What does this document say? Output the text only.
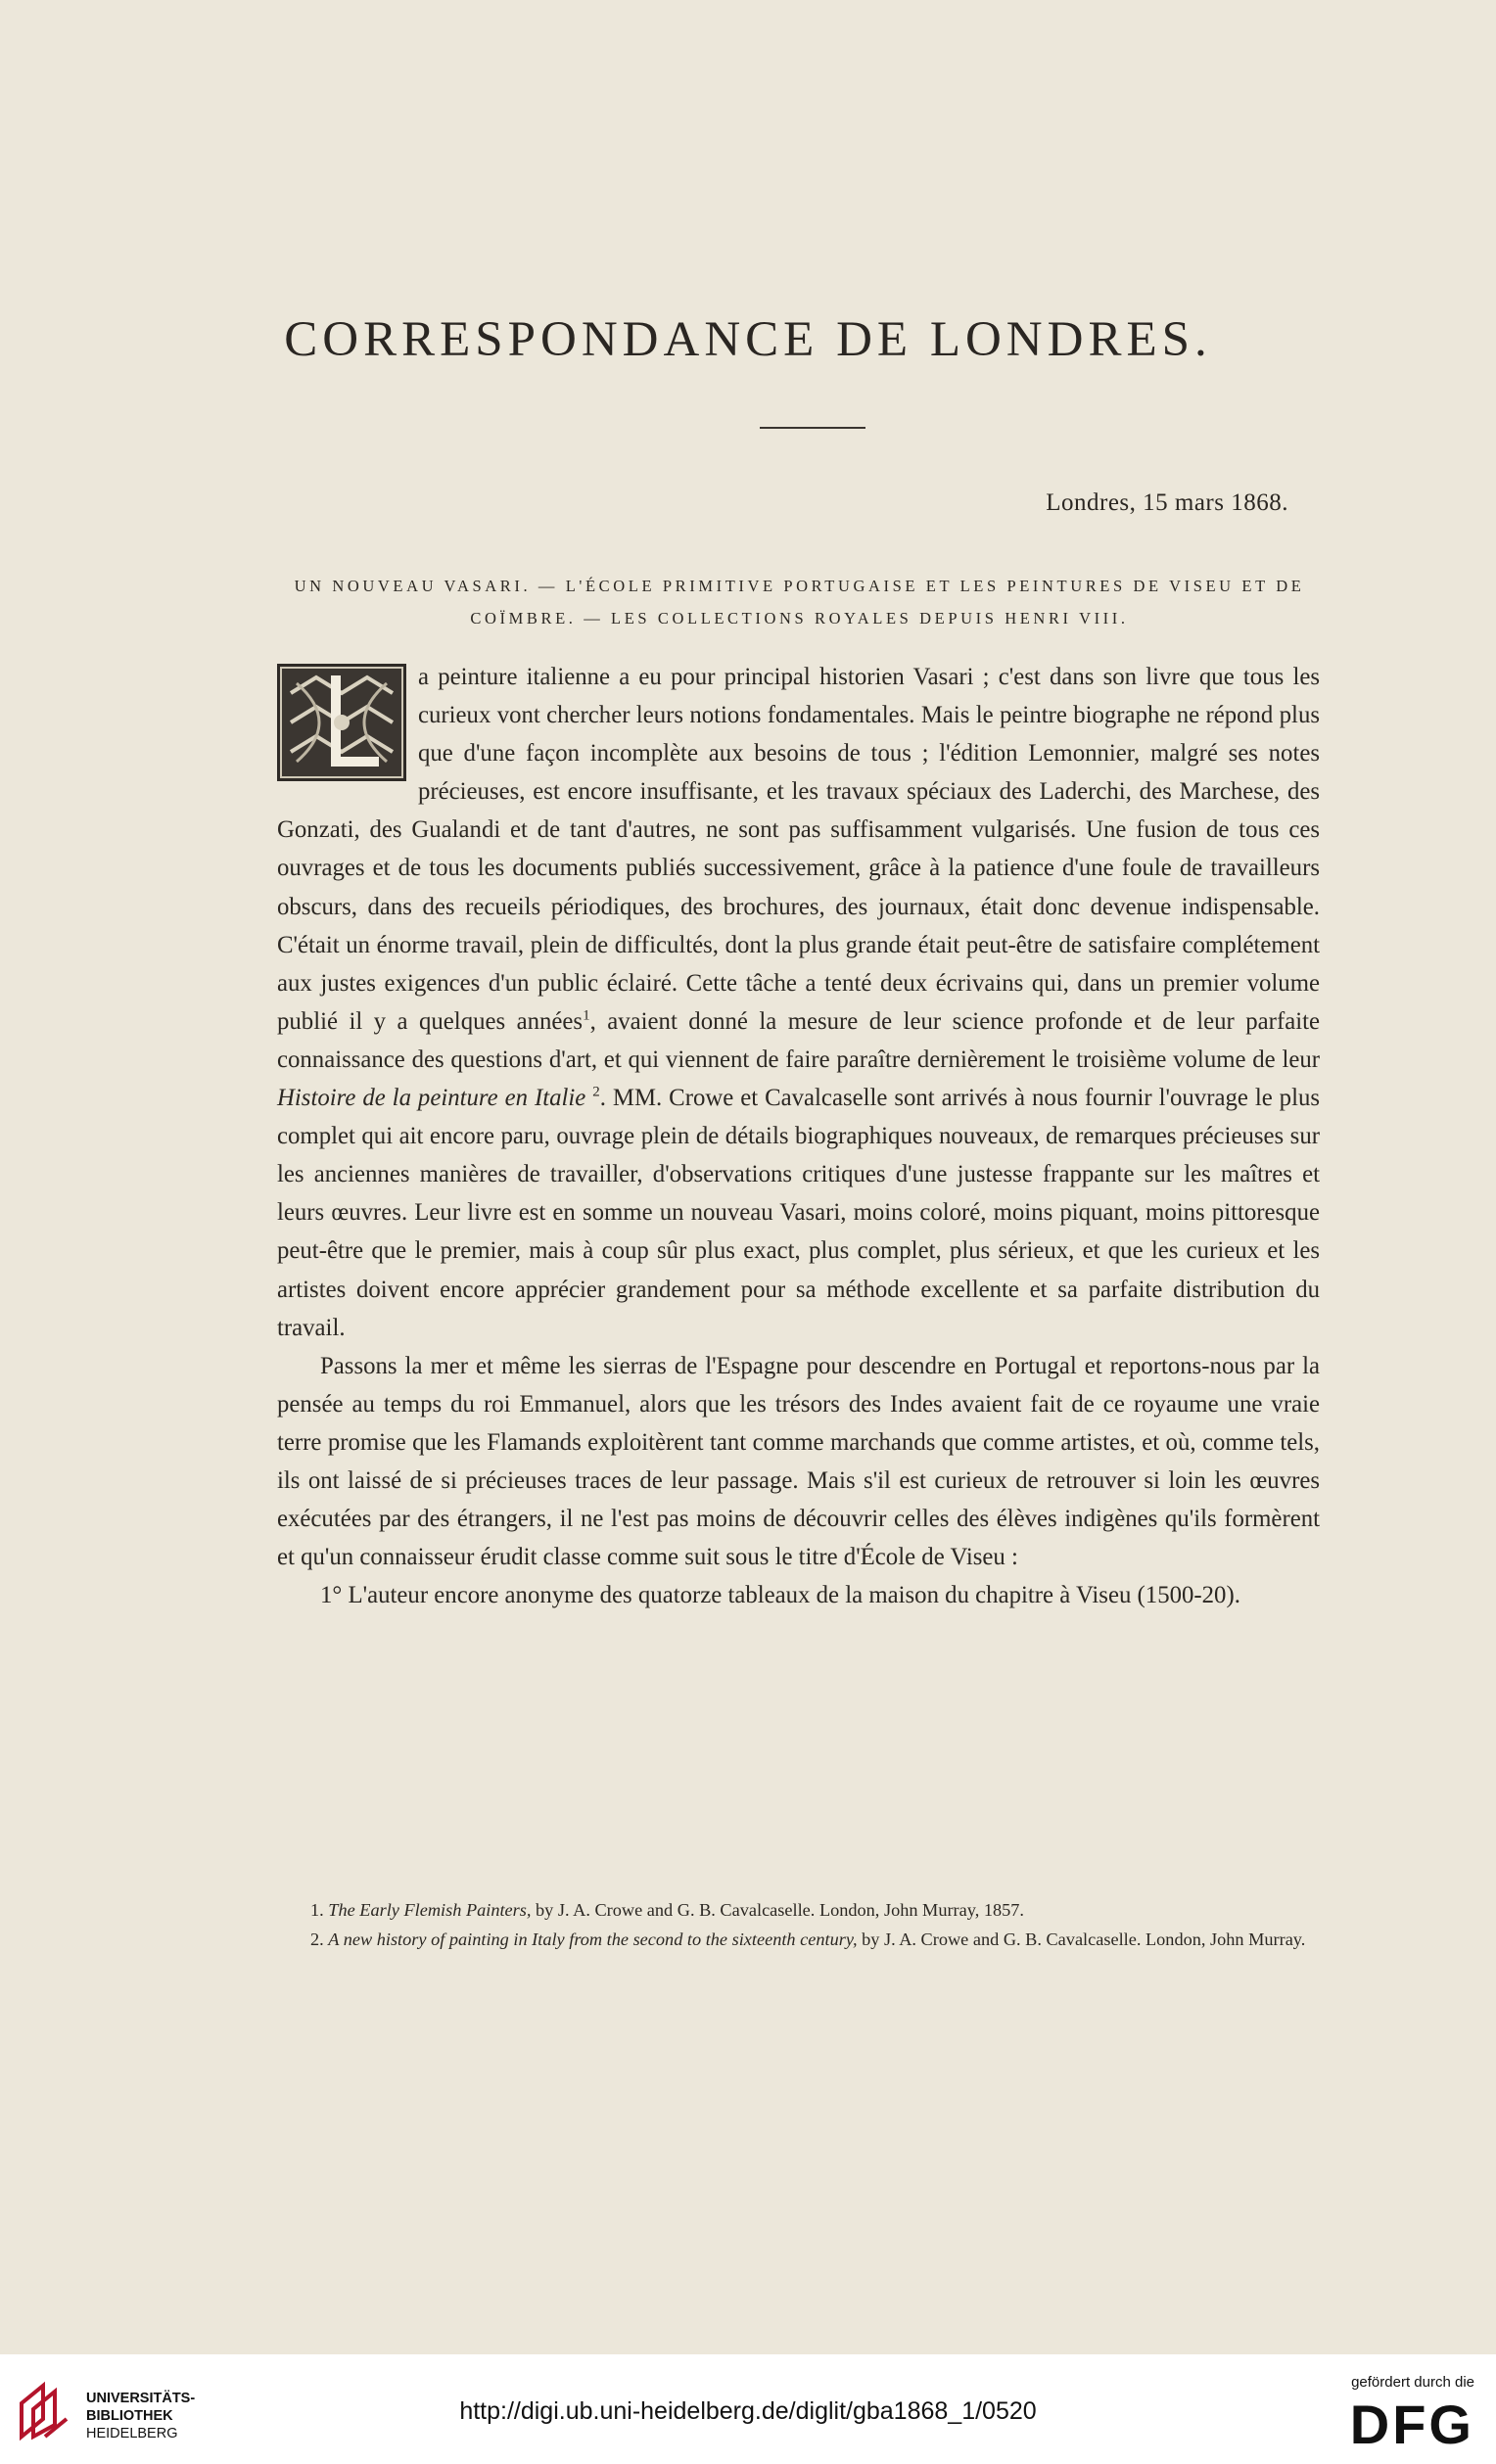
CORRESPONDANCE DE LONDRES.
Londres, 15 mars 1868.

UN NOUVEAU VASARI. — L'ÉCOLE PRIMITIVE PORTUGAISE ET LES PEINTURES DE VISEU ET DE COÏMBRE. — LES COLLECTIONS ROYALES DEPUIS HENRI VIII.

a peinture italienne a eu pour principal historien Vasari ; c'est dans son livre que tous les curieux vont chercher leurs notions fondamentales. Mais le peintre biographe ne répond plus que d'une façon incomplète aux besoins de tous ; l'édition Lemonnier, malgré ses notes précieuses, est encore insuffisante, et les travaux spéciaux des Laderchi, des Marchese, des Gonzati, des Gualandi et de tant d'autres, ne sont pas suffisamment vulgarisés. Une fusion de tous ces ouvrages et de tous les documents publiés successivement, grâce à la patience d'une foule de travailleurs obscurs, dans des recueils périodiques, des brochures, des journaux, était donc devenue indispensable. C'était un énorme travail, plein de difficultés, dont la plus grande était peut-être de satisfaire complétement aux justes exigences d'un public éclairé. Cette tâche a tenté deux écrivains qui, dans un premier volume publié il y a quelques années$^1$, avaient donné la mesure de leur science profonde et de leur parfaite connaissance des questions d'art, et qui viennent de faire paraître dernièrement le troisième volume de leur Histoire de la peinture en Italie $^2$. MM. Crowe et Cavalcaselle sont arrivés à nous fournir l'ouvrage le plus complet qui ait encore paru, ouvrage plein de détails biographiques nouveaux, de remarques précieuses sur les anciennes manières de travailler, d'observations critiques d'une justesse frappante sur les maîtres et leurs œuvres. Leur livre est en somme un nouveau Vasari, moins coloré, moins piquant, moins pittoresque peut-être que le premier, mais à coup sûr plus exact, plus complet, plus sérieux, et que les curieux et les artistes doivent encore apprécier grandement pour sa méthode excellente et sa parfaite distribution du travail.

Passons la mer et même les sierras de l'Espagne pour descendre en Portugal et reportons-nous par la pensée au temps du roi Emmanuel, alors que les trésors des Indes avaient fait de ce royaume une vraie terre promise que les Flamands exploitèrent tant comme marchands que comme artistes, et où, comme tels, ils ont laissé de si précieuses traces de leur passage. Mais s'il est curieux de retrouver si loin les œuvres exécutées par des étrangers, il ne l'est pas moins de découvrir celles des élèves indigènes qu'ils formèrent et qu'un connaisseur érudit classe comme suit sous le titre d'École de Viseu :

1° L'auteur encore anonyme des quatorze tableaux de la maison du chapitre à Viseu (1500-20).

1. The Early Flemish Painters, by J. A. Crowe and G. B. Cavalcaselle. London, John Murray, 1857.

2. A new history of painting in Italy from the second to the sixteenth century, by J. A. Crowe and G. B. Cavalcaselle. London, John Murray.

UNIVERSITÄTS-
BIBLIOTHEK
HEIDELBERG
http://digi.ub.uni-heidelberg.de/diglit/gba1868_1/0520
gefördert durch die
DFG
